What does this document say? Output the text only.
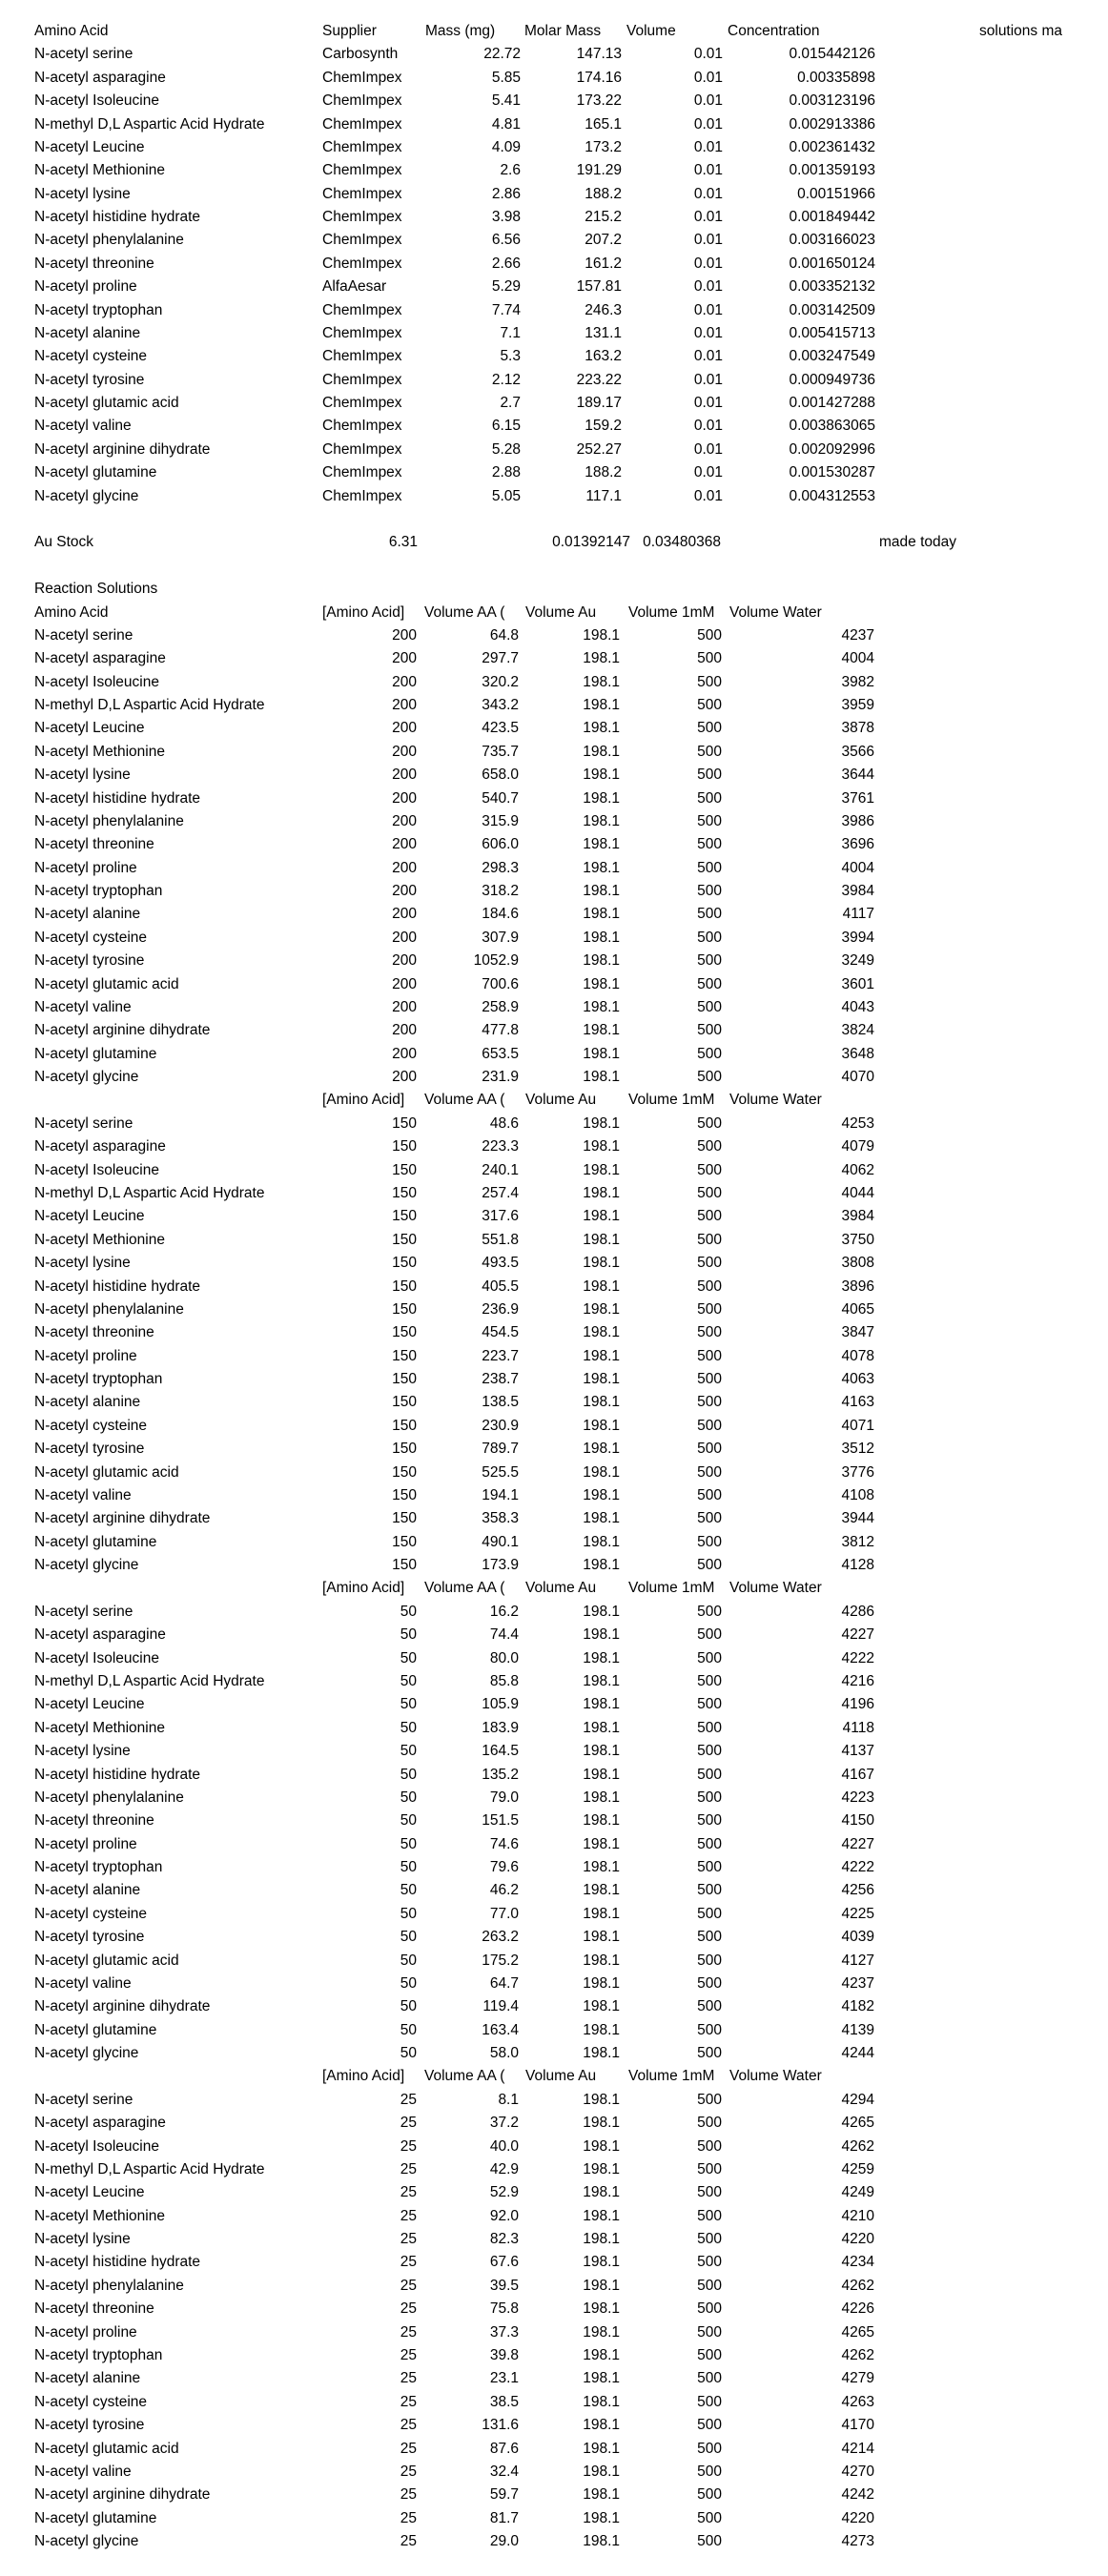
Amino Acid	Supplier	Mass (mg)	Molar Mass	Volume	Concentration	solutions ma
N-acetyl serine	Carbosynth	22.72	147.13	0.01	0.015442126
N-acetyl asparagine	ChemImpex	5.85	174.16	0.01	0.00335898
N-acetyl Isoleucine	ChemImpex	5.41	173.22	0.01	0.003123196
N-methyl D,L Aspartic Acid Hydrate	ChemImpex	4.81	165.1	0.01	0.002913386
N-acetyl Leucine	ChemImpex	4.09	173.2	0.01	0.002361432
N-acetyl Methionine	ChemImpex	2.6	191.29	0.01	0.001359193
N-acetyl lysine	ChemImpex	2.86	188.2	0.01	0.00151966
N-acetyl histidine hydrate	ChemImpex	3.98	215.2	0.01	0.001849442
N-acetyl phenylalanine	ChemImpex	6.56	207.2	0.01	0.003166023
N-acetyl threonine	ChemImpex	2.66	161.2	0.01	0.001650124
N-acetyl proline	AlfaAesar	5.29	157.81	0.01	0.003352132
N-acetyl tryptophan	ChemImpex	7.74	246.3	0.01	0.003142509
N-acetyl alanine	ChemImpex	7.1	131.1	0.01	0.005415713
N-acetyl cysteine	ChemImpex	5.3	163.2	0.01	0.003247549
N-acetyl tyrosine	ChemImpex	2.12	223.22	0.01	0.000949736
N-acetyl glutamic acid	ChemImpex	2.7	189.17	0.01	0.001427288
N-acetyl valine	ChemImpex	6.15	159.2	0.01	0.003863065
N-acetyl arginine dihydrate	ChemImpex	5.28	252.27	0.01	0.002092996
N-acetyl glutamine	ChemImpex	2.88	188.2	0.01	0.001530287
N-acetyl glycine	ChemImpex	5.05	117.1	0.01	0.004312553
Au Stock	6.31	0.01392147 0.03480368	made today
Reaction Solutions
Amino Acid	[Amino Acid]	Volume AA (	Volume Au	Volume 1mM	Volume Water
N-acetyl serine	200	64.8	198.1	500	4237
N-acetyl asparagine	200	297.7	198.1	500	4004
N-acetyl Isoleucine	200	320.2	198.1	500	3982
N-methyl D,L Aspartic Acid Hydrate	200	343.2	198.1	500	3959
N-acetyl Leucine	200	423.5	198.1	500	3878
N-acetyl Methionine	200	735.7	198.1	500	3566
N-acetyl lysine	200	658.0	198.1	500	3644
N-acetyl histidine hydrate	200	540.7	198.1	500	3761
N-acetyl phenylalanine	200	315.9	198.1	500	3986
N-acetyl threonine	200	606.0	198.1	500	3696
N-acetyl proline	200	298.3	198.1	500	4004
N-acetyl tryptophan	200	318.2	198.1	500	3984
N-acetyl alanine	200	184.6	198.1	500	4117
N-acetyl cysteine	200	307.9	198.1	500	3994
N-acetyl tyrosine	200	1052.9	198.1	500	3249
N-acetyl glutamic acid	200	700.6	198.1	500	3601
N-acetyl valine	200	258.9	198.1	500	4043
N-acetyl arginine dihydrate	200	477.8	198.1	500	3824
N-acetyl glutamine	200	653.5	198.1	500	3648
N-acetyl glycine	200	231.9	198.1	500	4070
[Amino Acid]	Volume AA (	Volume Au	Volume 1mM	Volume Water
N-acetyl serine	150	48.6	198.1	500	4253
N-acetyl asparagine	150	223.3	198.1	500	4079
N-acetyl Isoleucine	150	240.1	198.1	500	4062
N-methyl D,L Aspartic Acid Hydrate	150	257.4	198.1	500	4044
N-acetyl Leucine	150	317.6	198.1	500	3984
N-acetyl Methionine	150	551.8	198.1	500	3750
N-acetyl lysine	150	493.5	198.1	500	3808
N-acetyl histidine hydrate	150	405.5	198.1	500	3896
N-acetyl phenylalanine	150	236.9	198.1	500	4065
N-acetyl threonine	150	454.5	198.1	500	3847
N-acetyl proline	150	223.7	198.1	500	4078
N-acetyl tryptophan	150	238.7	198.1	500	4063
N-acetyl alanine	150	138.5	198.1	500	4163
N-acetyl cysteine	150	230.9	198.1	500	4071
N-acetyl tyrosine	150	789.7	198.1	500	3512
N-acetyl glutamic acid	150	525.5	198.1	500	3776
N-acetyl valine	150	194.1	198.1	500	4108
N-acetyl arginine dihydrate	150	358.3	198.1	500	3944
N-acetyl glutamine	150	490.1	198.1	500	3812
N-acetyl glycine	150	173.9	198.1	500	4128
[Amino Acid]	Volume AA (	Volume Au	Volume 1mM	Volume Water
N-acetyl serine	50	16.2	198.1	500	4286
N-acetyl asparagine	50	74.4	198.1	500	4227
N-acetyl Isoleucine	50	80.0	198.1	500	4222
N-methyl D,L Aspartic Acid Hydrate	50	85.8	198.1	500	4216
N-acetyl Leucine	50	105.9	198.1	500	4196
N-acetyl Methionine	50	183.9	198.1	500	4118
N-acetyl lysine	50	164.5	198.1	500	4137
N-acetyl histidine hydrate	50	135.2	198.1	500	4167
N-acetyl phenylalanine	50	79.0	198.1	500	4223
N-acetyl threonine	50	151.5	198.1	500	4150
N-acetyl proline	50	74.6	198.1	500	4227
N-acetyl tryptophan	50	79.6	198.1	500	4222
N-acetyl alanine	50	46.2	198.1	500	4256
N-acetyl cysteine	50	77.0	198.1	500	4225
N-acetyl tyrosine	50	263.2	198.1	500	4039
N-acetyl glutamic acid	50	175.2	198.1	500	4127
N-acetyl valine	50	64.7	198.1	500	4237
N-acetyl arginine dihydrate	50	119.4	198.1	500	4182
N-acetyl glutamine	50	163.4	198.1	500	4139
N-acetyl glycine	50	58.0	198.1	500	4244
[Amino Acid]	Volume AA (	Volume Au	Volume 1mM	Volume Water
N-acetyl serine	25	8.1	198.1	500	4294
N-acetyl asparagine	25	37.2	198.1	500	4265
N-acetyl Isoleucine	25	40.0	198.1	500	4262
N-methyl D,L Aspartic Acid Hydrate	25	42.9	198.1	500	4259
N-acetyl Leucine	25	52.9	198.1	500	4249
N-acetyl Methionine	25	92.0	198.1	500	4210
N-acetyl lysine	25	82.3	198.1	500	4220
N-acetyl histidine hydrate	25	67.6	198.1	500	4234
N-acetyl phenylalanine	25	39.5	198.1	500	4262
N-acetyl threonine	25	75.8	198.1	500	4226
N-acetyl proline	25	37.3	198.1	500	4265
N-acetyl tryptophan	25	39.8	198.1	500	4262
N-acetyl alanine	25	23.1	198.1	500	4279
N-acetyl cysteine	25	38.5	198.1	500	4263
N-acetyl tyrosine	25	131.6	198.1	500	4170
N-acetyl glutamic acid	25	87.6	198.1	500	4214
N-acetyl valine	25	32.4	198.1	500	4270
N-acetyl arginine dihydrate	25	59.7	198.1	500	4242
N-acetyl glutamine	25	81.7	198.1	500	4220
N-acetyl glycine	25	29.0	198.1	500	4273
